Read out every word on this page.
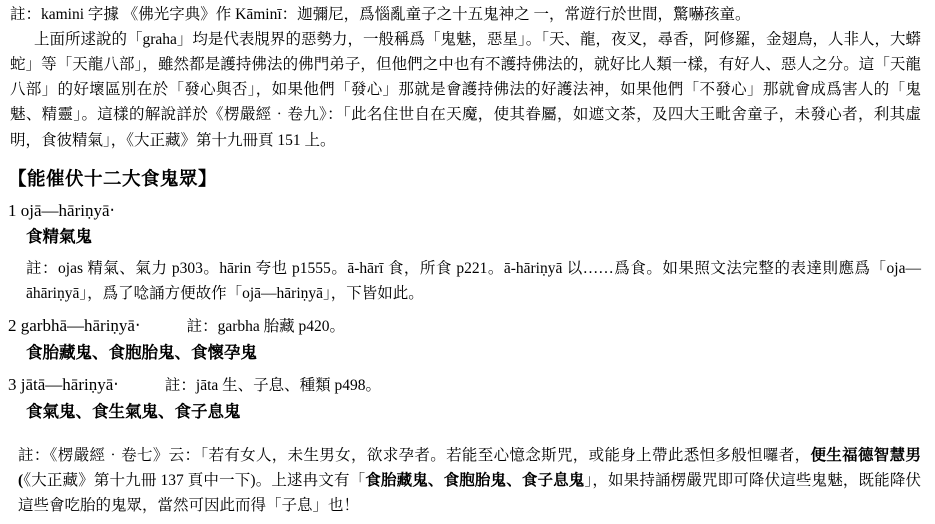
註：kamini 字據 《佛光字典》作 Kāminī：迦彌尼，爲惱亂童子之十五鬼神之 一，常遊行於世間，驚嚇孩童。

上面所逑說的「graha」均是代表覑界的惡勢力，一般稱爲「鬼魅，惡星」。「天、龍，夜叉，尋香，阿修羅，金翅鳥，人非人，大蟒蛇」等「天龍八部」，雖然都是護持佛法的佛門弟子，但他們之中也有不護持佛法的，就好比人類一樣，有好人、惡人之分。這「天龍八部」的好壞區別在於「發心與否」，如果他們「發心」那就是會護持佛法的好護法神，如果他們「不發心」那就會成爲害人的「鬼魅、精靈」。這樣的解說詳於《楞嚴經‧卷九》：「此名住世自在天魔，使其眷屬，如遮文茶，及四大王毗舍童子，未發心者，利其虛明，食彼精氣」，《大正藏》第十九冊頁 151 上。

【能催伏十二大食鬼眾】
1 ojā—hāriṇyā‧
食精氣鬼
註：ojas 精氣、氣力 p303。hārin 夸也 p1555。ā-hārī 食，所食 p221。ā-hāriṇyā 以……爲食。如果照文法完整的表達則應爲「oja—āhāriṇyā」，爲了唸誦方便故作「ojā—hāriṇyā」，下皆如此。
2 garbhā—hāriṇyā‧	註：garbha 胎藏 p420。
食胎藏鬼、食胞胎鬼、食懷孕鬼
3 jātā—hāriṇyā‧	註：jāta 生、子息、種類 p498。
食氣鬼、食生氣鬼、食子息鬼

註：《楞嚴經‧卷七》云：「若有女人，未生男女，欲求孕者。若能至心憶念斯咒，或能身上帶此悉怛多般怛囉者，便生福德智慧男(《大正藏》第十九冊 137 頁中一下)。上逑冉文有「食胎藏鬼、食胞胎鬼、食子息鬼」，如果持誦楞嚴咒即可降伏這些鬼魅，既能降伏這些會吃胎的鬼眾，當然可因此而得「子息」也！
